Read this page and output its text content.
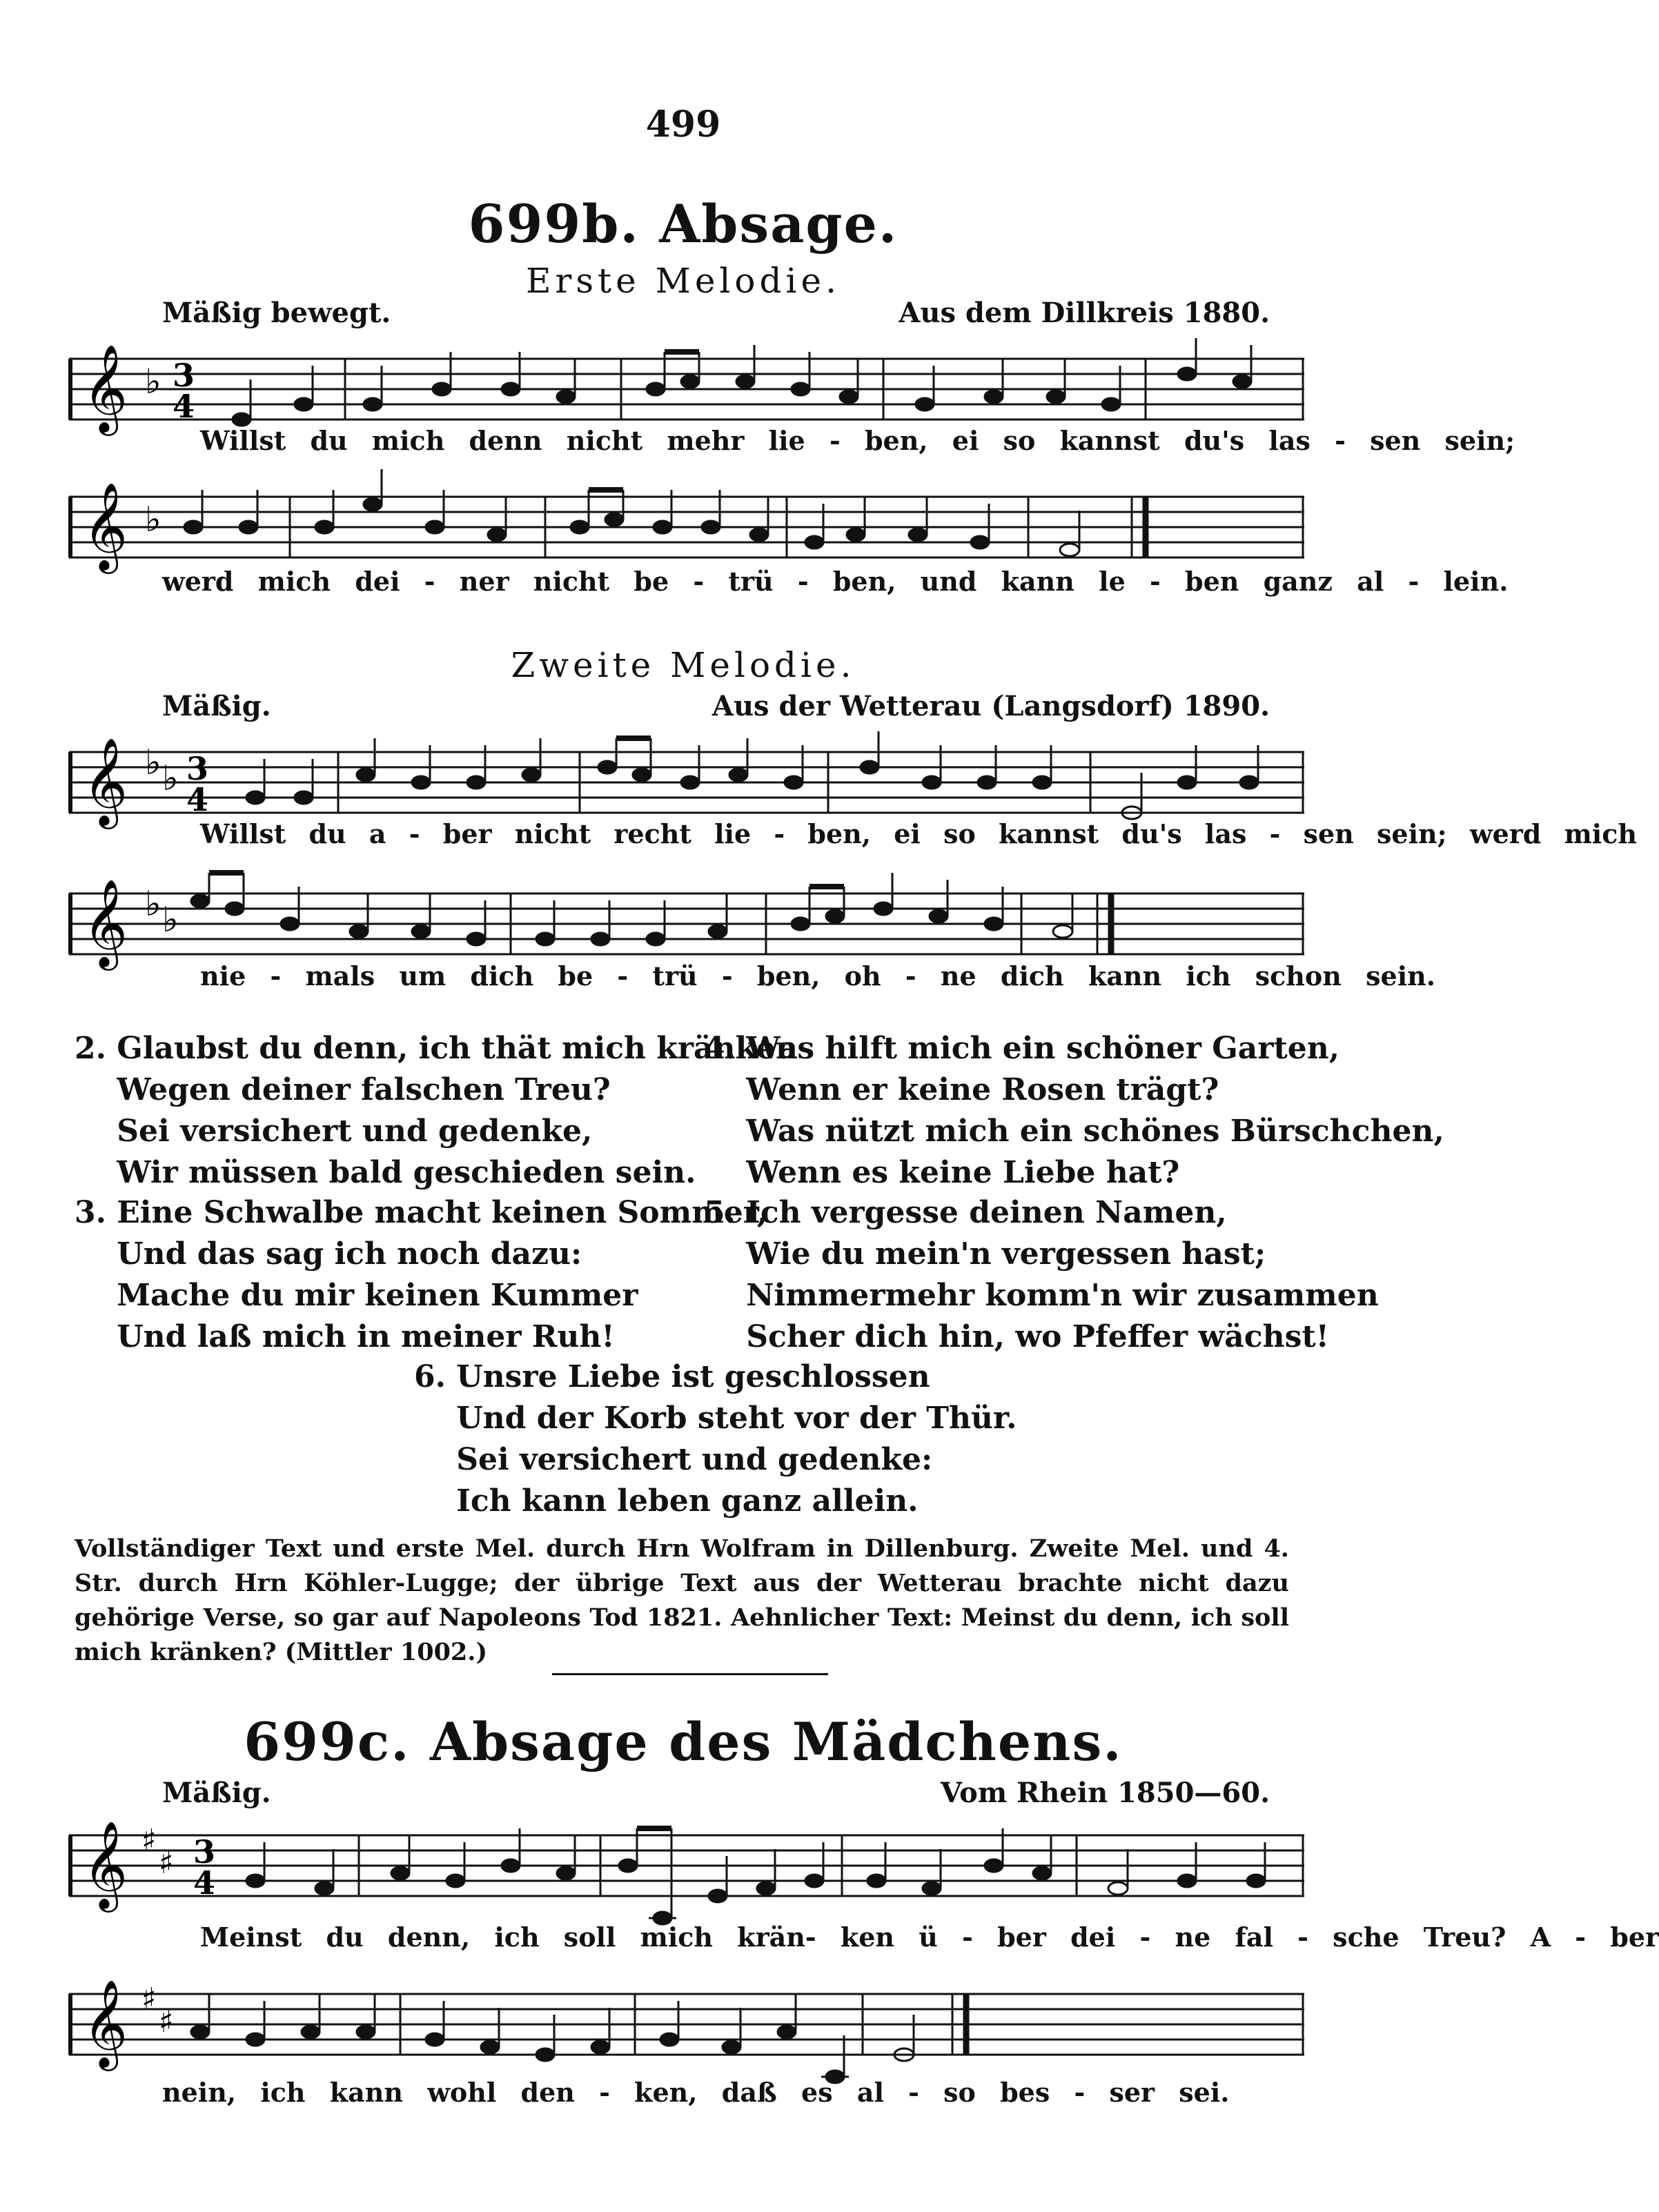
499
699b. Absage.
Erste Melodie.
Mäßig bewegt.	Aus dem Dillkreis 1880.
𝄞 ♭ 3
4
Willst du mich denn nicht mehr lie - ben, ei so kannst du's las - sen sein;
𝄞 ♭
werd mich dei - ner nicht be - trü - ben, und kann le - ben ganz al - lein.
Zweite Melodie.
Mäßig.	Aus der Wetterau (Langsdorf) 1890.
𝄞 ♭ ♭ 3
4
Willst du a - ber nicht recht lie - ben, ei so kannst du's las - sen sein; werd mich
𝄞 ♭ ♭
nie - mals um dich be - trü - ben, oh - ne dich kann ich schon sein.
2. Glaubst du denn, ich thät mich kränken
Wegen deiner falschen Treu?
Sei versichert und gedenke,
Wir müssen bald geschieden sein.
4. Was hilft mich ein schöner Garten,
Wenn er keine Rosen trägt?
Was nützt mich ein schönes Bürschchen,
Wenn es keine Liebe hat?
3. Eine Schwalbe macht keinen Sommer,
Und das sag ich noch dazu:
Mache du mir keinen Kummer
Und laß mich in meiner Ruh!
5. Ich vergesse deinen Namen,
Wie du mein'n vergessen hast;
Nimmermehr komm'n wir zusammen
Scher dich hin, wo Pfeffer wächst!
6. Unsre Liebe ist geschlossen
Und der Korb steht vor der Thür.
Sei versichert und gedenke:
Ich kann leben ganz allein.
Vollständiger Text und erste Mel. durch Hrn Wolfram in Dillenburg. Zweite Mel. und 4. Str. durch Hrn Köhler-Lugge; der übrige Text aus der Wetterau brachte nicht dazu gehörige Verse, so gar auf Napoleons Tod 1821. Aehnlicher Text: Meinst du denn, ich soll mich kränken? (Mittler 1002.)
699c. Absage des Mädchens.
Mäßig.	Vom Rhein 1850—60.
𝄞 ♯
♯ 3
4
Meinst du denn, ich soll mich krän- ken ü - ber dei - ne fal - sche Treu? A - ber
𝄞 ♯
♯
nein, ich kann wohl den - ken, daß es al - so bes - ser sei.
